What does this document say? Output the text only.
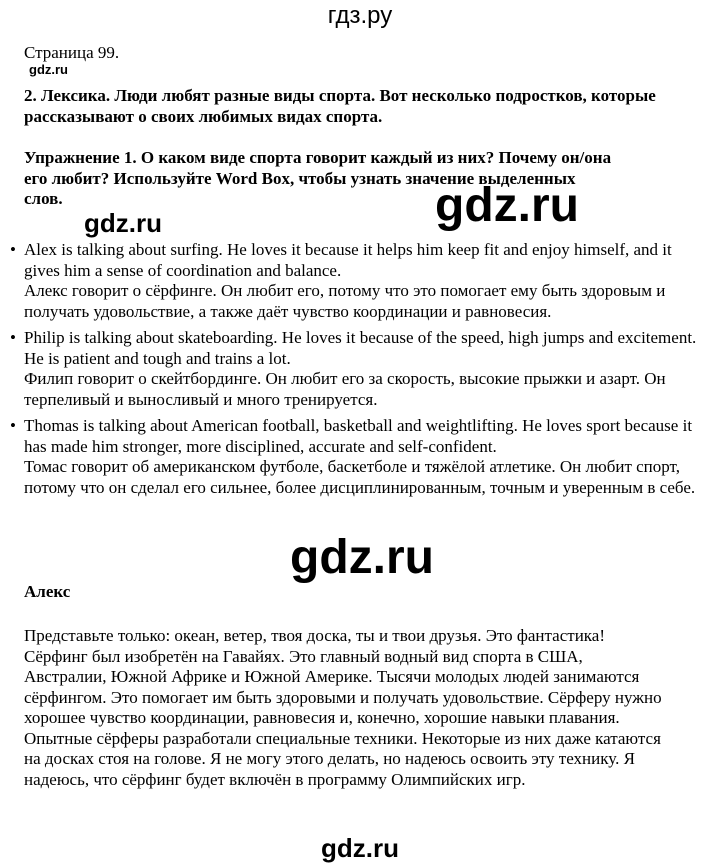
гдз.ру
Страница 99.
gdz.ru
2. Лексика. Люди любят разные виды спорта. Вот несколько подростков, которые рассказывают о своих любимых видах спорта.
Упражнение 1. О каком виде спорта говорит каждый из них? Почему он/она его любит? Используйте Word Box, чтобы узнать значение выделенных слов.
gdz.ru	gdz.ru
• Alex is talking about surfing. He loves it because it helps him keep fit and enjoy himself, and it gives him a sense of coordination and balance.
Алекс говорит о сёрфинге. Он любит его, потому что это помогает ему быть здоровым и получать удовольствие, а также даёт чувство координации и равновесия.
• Philip is talking about skateboarding. He loves it because of the speed, high jumps and excitement. He is patient and tough and trains a lot.
Филип говорит о скейтбординге. Он любит его за скорость, высокие прыжки и азарт. Он терпеливый и выносливый и много тренируется.
• Thomas is talking about American football, basketball and weightlifting. He loves sport because it has made him stronger, more disciplined, accurate and self-confident.
Томас говорит об американском футболе, баскетболе и тяжёлой атлетике. Он любит спорт, потому что он сделал его сильнее, более дисциплинированным, точным и уверенным в себе.
gdz.ru
Алекс
Представьте только: океан, ветер, твоя доска, ты и твои друзья. Это фантастика! Сёрфинг был изобретён на Гавайях. Это главный водный вид спорта в США, Австралии, Южной Африке и Южной Америке. Тысячи молодых людей занимаются сёрфингом. Это помогает им быть здоровыми и получать удовольствие. Сёрферу нужно хорошее чувство координации, равновесия и, конечно, хорошие навыки плавания. Опытные сёрферы разработали специальные техники. Некоторые из них даже катаются на досках стоя на голове. Я не могу этого делать, но надеюсь освоить эту технику. Я надеюсь, что сёрфинг будет включён в программу Олимпийских игр.
gdz.ru
